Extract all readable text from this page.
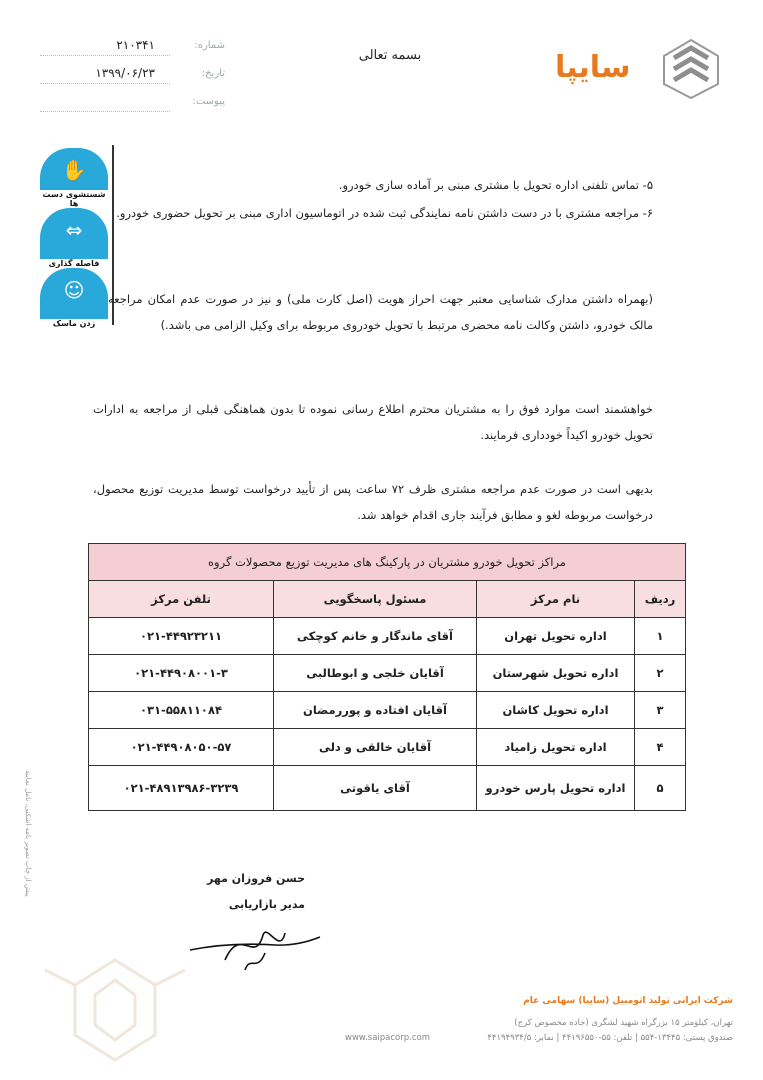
سایپا
بسمه تعالی
شماره:
۲۱۰۳۴۱
تاریخ:
۱۳۹۹/۰۶/۲۳
پیوست:
✋
شستشوی دست ها
⇔
فاصله گذاری
☺
زدن ماسک
۵- تماس تلفنی اداره تحویل با مشتری مبنی بر آماده سازی خودرو.
۶- مراجعه مشتری با در دست داشتن نامه نمایندگی ثبت شده در اتوماسیون اداری مبنی بر تحویل حضوری خودرو.
(بهمراه داشتن مدارک شناسایی معتبر جهت احراز هویت (اصل کارت ملی) و نیز در صورت عدم امکان مراجعه مالک خودرو، داشتن وکالت نامه محضری مرتبط با تحویل خودروی مربوطه برای وکیل الزامی می باشد.)
خواهشمند است موارد فوق را به مشتریان محترم اطلاع رسانی نموده تا بدون هماهنگی قبلی از مراجعه به ادارات تحویل خودرو اکیداً خودداری فرمایند.
بدیهی است در صورت عدم مراجعه مشتری ظرف ۷۲ ساعت پس از تأیید درخواست توسط مدیریت توزیع محصول، درخواست مربوطه لغو و مطابق فرآیند جاری اقدام خواهد شد.
مراکز تحویل خودرو مشتریان در پارکینگ های مدیریت توزیع محصولات گروه			
ردیف	نام مرکز	مسئول پاسخگویی	تلفن مرکز
۱	اداره تحویل تهران	آقای ماندگار و خانم کوچکی	۰۲۱-۴۴۹۲۳۲۱۱
۲	اداره تحویل شهرستان	آقایان خلجی و ابوطالبی	۰۲۱-۴۴۹۰۸۰۰۱-۳
۳	اداره تحویل کاشان	آقایان افتاده و پوررمضان	۰۳۱-۵۵۸۱۱۰۸۴
۴	اداره تحویل زامیاد	آقایان خالقی و دلی	۰۲۱-۴۴۹۰۸۰۵۰-۵۷
۵	اداره تحویل پارس خودرو	آقای یاقوتی	۰۲۱-۴۸۹۱۳۹۸۶-۳۲۳۹
حسن فروزان مهر
مدیر بازاریابی
پیش از چاپ تصویر نامه اشکنی، تامل نمایید
شرکت ایرانی تولید اتومبیل (سایپا) سهامی عام
تهران، کیلومتر ۱۵ بزرگراه شهید لشگری (جاده مخصوص کرج)
صندوق پستی: ۱۳۴۴۵-۵۵۴ | تلفن: ۵۵-۴۴۱۹۶۵۵۰ | نمابر: ۴۴۱۹۴۹۳۴/۵
www.saipacorp.com
